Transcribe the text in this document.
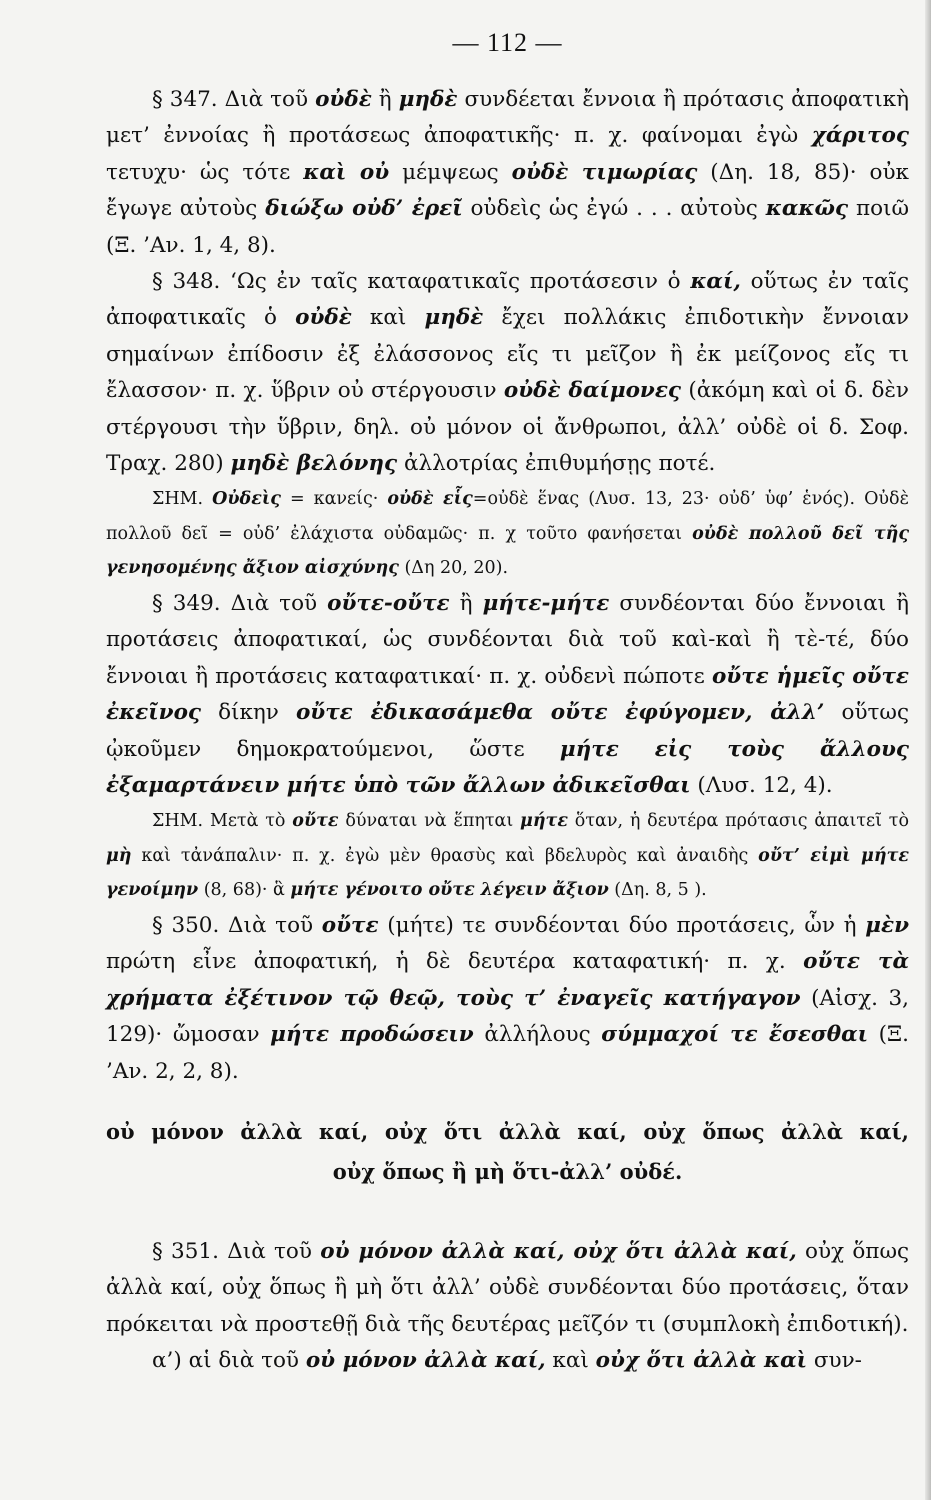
— 112 —

§ 347. Διὰ τοῦ οὐδὲ ἢ μηδὲ συνδέεται ἔννοια ἢ πρότασις ἀποφατικὴ μετ’ ἐννοίας ἢ προτάσεως ἀποφατικῆς· π. χ. φαίνομαι ἐγὼ χάριτος τετυχυ· ὡς τότε καὶ οὐ μέμψεως οὐδὲ τιμωρίας (Δη. 18, 85)· οὐκ ἔγωγε αὐτοὺς διώξω οὐδ’ ἐρεῖ οὐδεὶς ὡς ἐγώ . . . αὐτοὺς κακῶς ποιῶ (Ξ. ’Αν. 1, 4, 8).

§ 348. ‘Ως ἐν ταῖς καταφατικαῖς προτάσεσιν ὁ καί, οὕτως ἐν ταῖς ἀποφατικαῖς ὁ οὐδὲ καὶ μηδὲ ἔχει πολλάκις ἐπιδοτικὴν ἔννοιαν σημαίνων ἐπίδοσιν ἐξ ἐλάσσονος εἴς τι μεῖζον ἢ ἐκ μείζονος εἴς τι ἔλασσον· π. χ. ὕβριν οὐ στέργουσιν οὐδὲ δαίμονες (ἀκόμη καὶ οἱ δ. δὲν στέργουσι τὴν ὕβριν, δηλ. οὐ μόνον οἱ ἄνθρωποι, ἀλλ’ οὐδὲ οἱ δ. Σοφ. Τραχ. 280) μηδὲ βελόνης ἀλλοτρίας ἐπιθυμήσῃς ποτέ.

ΣΗΜ. Οὐδεὶς = κανείς· οὐδὲ εἷς=οὐδὲ ἕνας (Λυσ. 13, 23· οὐδ’ ὑφ’ ἑνός). Οὐδὲ πολλοῦ δεῖ = οὐδ’ ἐλάχιστα οὐδαμῶς· π. χ τοῦτο φανήσεται οὐδὲ πολλοῦ δεῖ τῆς γενησομένης ἄξιον αἰσχύνης (Δη 20, 20).

§ 349. Διὰ τοῦ οὔτε-οὔτε ἢ μήτε-μήτε συνδέονται δύο ἔννοιαι ἢ προτάσεις ἀποφατικαί, ὡς συνδέονται διὰ τοῦ καὶ-καὶ ἢ τὲ-τέ, δύο ἔννοιαι ἢ προτάσεις καταφατικαί· π. χ. οὐδενὶ πώποτε οὔτε ἡμεῖς οὔτε ἐκεῖνος δίκην οὔτε ἐδικασάμεθα οὔτε ἐφύγομεν, ἀλλ’ οὕτως ᾠκοῦμεν δημοκρατούμενοι, ὥστε μήτε εἰς τοὺς ἄλλους ἐξαμαρτάνειν μήτε ὑπὸ τῶν ἄλλων ἀδικεῖσθαι (Λυσ. 12, 4).

ΣΗΜ. Μετὰ τὸ οὔτε δύναται νὰ ἕπηται μήτε ὅταν, ἡ δευτέρα πρότασις ἀπαιτεῖ τὸ μὴ καὶ τἀνάπαλιν· π. χ. ἐγὼ μὲν θρασὺς καὶ βδελυρὸς καὶ ἀναιδὴς οὔτ’ εἰμὶ μήτε γενοίμην (8, 68)· ἃ μήτε γένοιτο οὔτε λέγειν ἄξιον (Δη. 8, 5 ).

§ 350. Διὰ τοῦ οὔτε (μήτε) τε συνδέονται δύο προτάσεις, ὧν ἡ μὲν πρώτη εἶνε ἀποφατική, ἡ δὲ δευτέρα καταφατική· π. χ. οὔτε τὰ χρήματα ἐξέτινον τῷ θεῷ, τοὺς τ’ ἐναγεῖς κατήγαγον (Αἰσχ. 3, 129)· ὤμοσαν μήτε προδώσειν ἀλλήλους σύμμαχοί τε ἔσεσθαι (Ξ. ’Αν. 2, 2, 8).

οὐ μόνον ἀλλὰ καί, οὐχ ὅτι ἀλλὰ καί, οὐχ ὅπως ἀλλὰ καί,
οὐχ ὅπως ἢ μὴ ὅτι-ἀλλ’ οὐδέ.

§ 351. Διὰ τοῦ οὐ μόνον ἀλλὰ καί, οὐχ ὅτι ἀλλὰ καί, οὐχ ὅπως ἀλλὰ καί, οὐχ ὅπως ἢ μὴ ὅτι ἀλλ’ οὐδὲ συνδέονται δύο προτάσεις, ὅταν πρόκειται νὰ προστεθῇ διὰ τῆς δευτέρας μεῖζόν τι (συμπλοκὴ ἐπιδοτική).

α’) αἱ διὰ τοῦ οὐ μόνον ἀλλὰ καί, καὶ οὐχ ὅτι ἀλλὰ καὶ συν-
